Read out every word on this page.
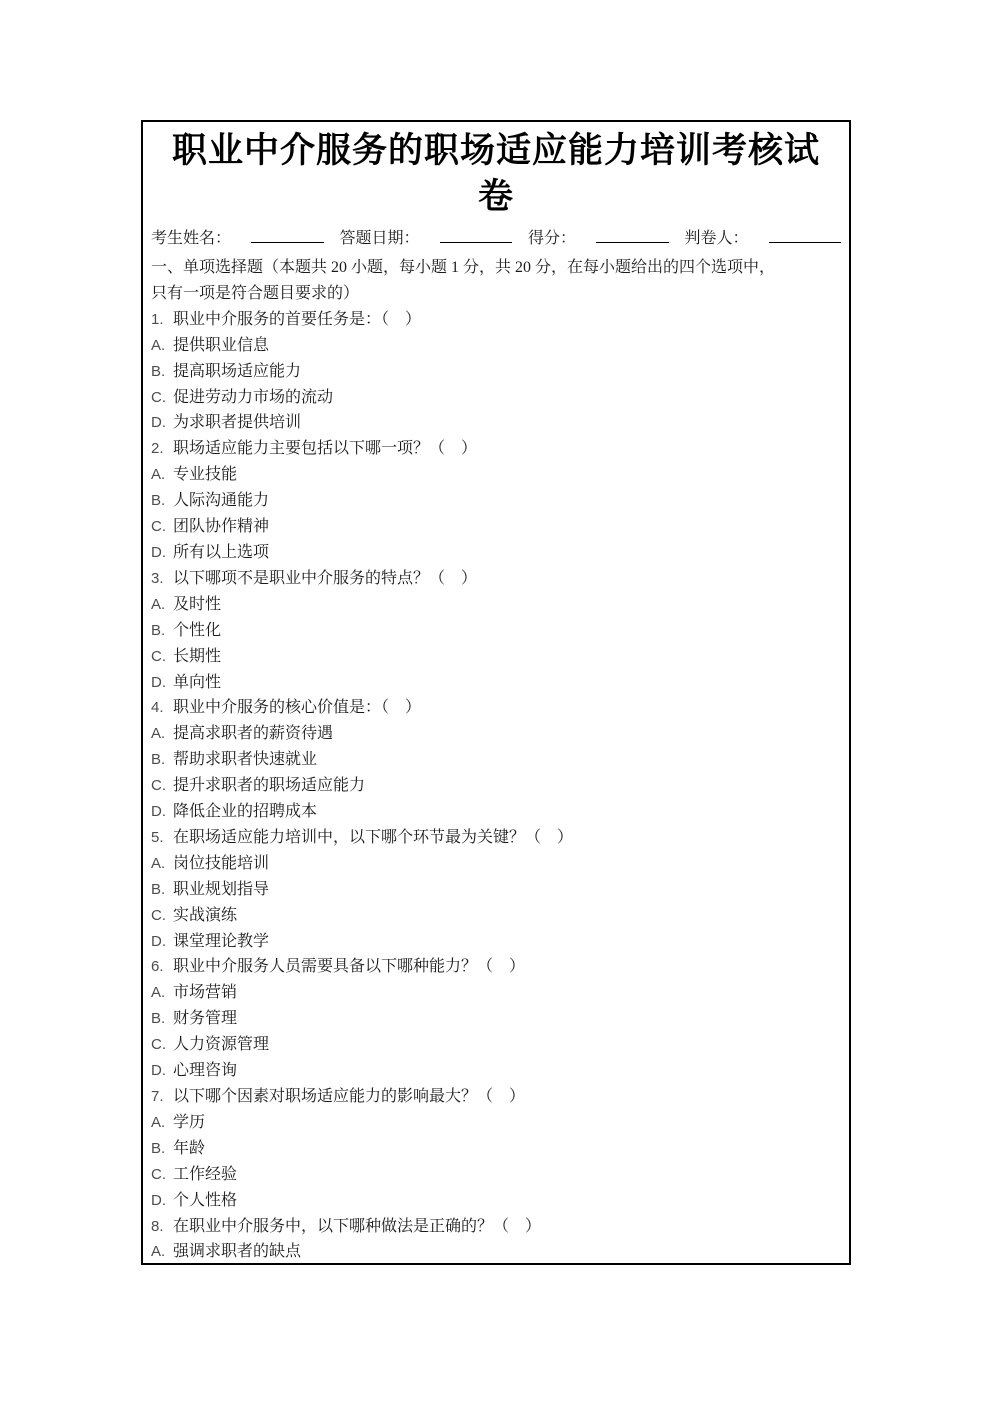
职业中介服务的职场适应能力培训考核试
卷
考生姓名：	答题日期：	得分：	判卷人：
一、单项选择题（本题共 20 小题，每小题 1 分，共 20 分，在每小题给出的四个选项中，
只有一项是符合题目要求的）
1. 职业中介服务的首要任务是：（　）
A. 提供职业信息
B. 提高职场适应能力
C. 促进劳动力市场的流动
D. 为求职者提供培训
2. 职场适应能力主要包括以下哪一项？（　）
A. 专业技能
B. 人际沟通能力
C. 团队协作精神
D. 所有以上选项
3. 以下哪项不是职业中介服务的特点？（　）
A. 及时性
B. 个性化
C. 长期性
D. 单向性
4. 职业中介服务的核心价值是：（　）
A. 提高求职者的薪资待遇
B. 帮助求职者快速就业
C. 提升求职者的职场适应能力
D. 降低企业的招聘成本
5. 在职场适应能力培训中，以下哪个环节最为关键？（　）
A. 岗位技能培训
B. 职业规划指导
C. 实战演练
D. 课堂理论教学
6. 职业中介服务人员需要具备以下哪种能力？（　）
A. 市场营销
B. 财务管理
C. 人力资源管理
D. 心理咨询
7. 以下哪个因素对职场适应能力的影响最大？（　）
A. 学历
B. 年龄
C. 工作经验
D. 个人性格
8. 在职业中介服务中，以下哪种做法是正确的？（　）
A. 强调求职者的缺点
